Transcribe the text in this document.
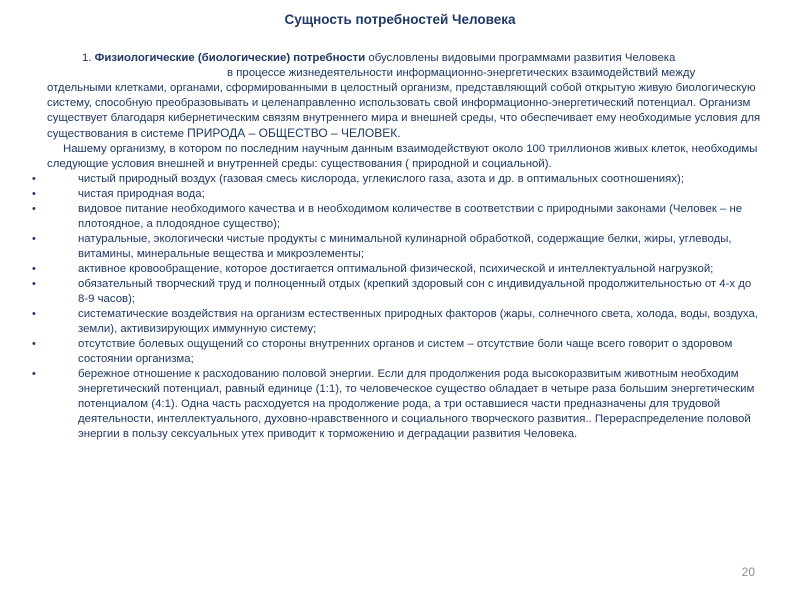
Сущность потребностей Человека

1. Физиологические (биологические) потребности обусловлены видовыми программами развития Человекав процессе жизнедеятельности информационно-энергетических взаимодействий между отдельными клетками, органами, сформированными в целостный организм, представляющий собой открытую живую биологическую систему, способную преобразовывать и целенаправленно использовать свой информационно-энергетический потенциал. Организм существует благодаря кибернетическим связям внутреннего мира и внешней среды, что обеспечивает ему необходимые условия для существования в системе ПРИРОДА – ОБЩЕСТВО – ЧЕЛОВЕК.

Нашему организму, в котором по последним научным данным взаимодействуют около 100 триллионов живых клеток, необходимы следующие условия внешней и внутренней среды: существования ( природной и социальной).

•	чистый природный воздух (газовая смесь кислорода, углекислого газа, азота и др. в оптимальных соотношениях);
•	чистая природная вода;
•	видовое питание необходимого качества и в необходимом количестве в соответствии с природными законами (Человек – не плотоядное, а плодоядное существо);
•	натуральные, экологически чистые продукты с минимальной кулинарной обработкой, содержащие белки, жиры, углеводы, витамины, минеральные вещества и микроэлементы;
•	активное кровообращение, которое достигается оптимальной физической, психической и интеллектуальной нагрузкой;
•	обязательный творческий труд и полноценный отдых (крепкий здоровый сон с индивидуальной продолжительностью от 4-х до 8-9 часов);
•	систематические воздействия на организм естественных природных факторов (жары, солнечного света, холода, воды, воздуха, земли), активизирующих иммунную систему;
•	отсутствие болевых ощущений со стороны внутренних органов и систем – отсутствие боли чаще всего говорит о здоровом состоянии организма;
•	бережное отношение к расходованию половой энергии. Если для продолжения рода высокоразвитым животным необходим энергетический потенциал, равный единице (1:1), то человеческое существо обладает в четыре раза большим энергетическим потенциалом (4:1). Одна часть расходуется на продолжение рода, а три оставшиеся части предназначены для трудовой деятельности, интеллектуального, духовно-нравственного и социального творческого развития.. Перераспределение половой энергии в пользу сексуальных утех приводит к торможению и деградации развития Человека.
20
